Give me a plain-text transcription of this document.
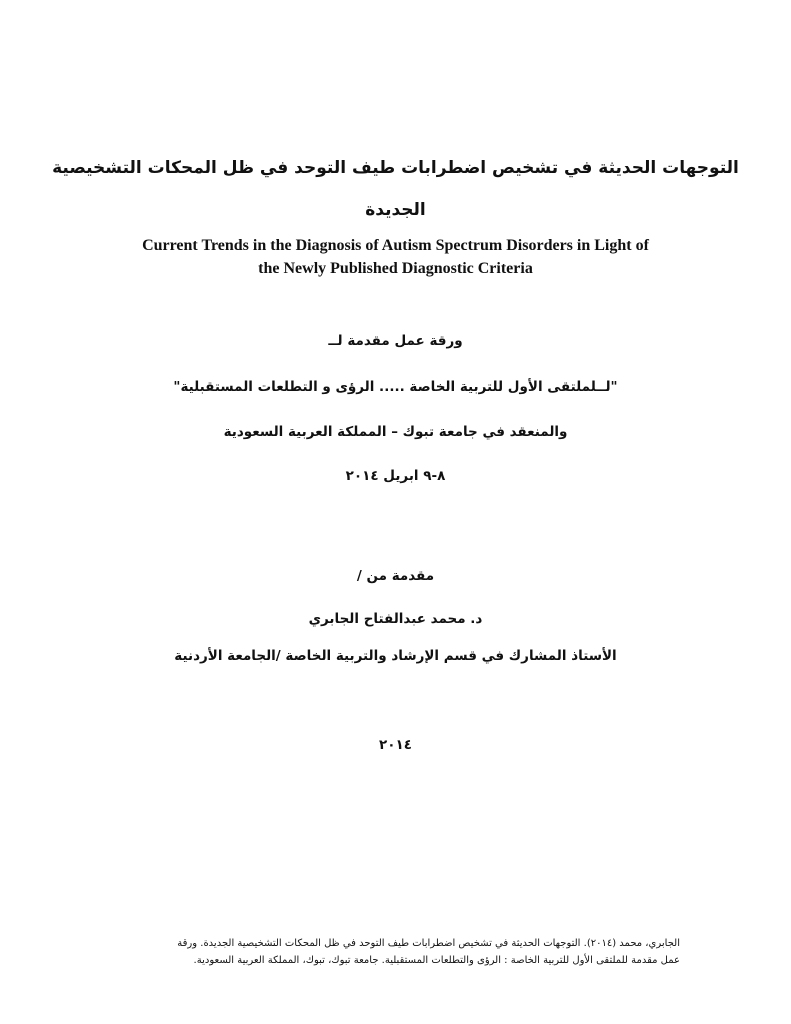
التوجهات الحديثة في تشخيص اضطرابات طيف التوحد في ظل المحكات التشخيصية
الجديدة
Current Trends in the Diagnosis of Autism Spectrum Disorders in Light of
the Newly Published Diagnostic Criteria
ورقة عمل مقدمة لــ
"لــلملتقى الأول للتربية الخاصة ..... الرؤى و التطلعات المستقبلية"
والمنعقد في جامعة تبوك – المملكة العربية السعودية
٨-٩ ابريل ٢٠١٤
مقدمة من /
د. محمد عبدالفتاح الجابري
الأستاذ المشارك في قسم الإرشاد والتربية الخاصة /الجامعة الأردنية
٢٠١٤
الجابري، محمد (٢٠١٤). التوجهات الحديثة في تشخيص اضطرابات طيف التوحد في ظل المحكات التشخيصية الجديدة. ورقة
عمل مقدمة للملتقى الأول للتربية الخاصة : الرؤى والتطلعات المستقبلية. جامعة تبوك، تبوك، المملكة العربية السعودية.
